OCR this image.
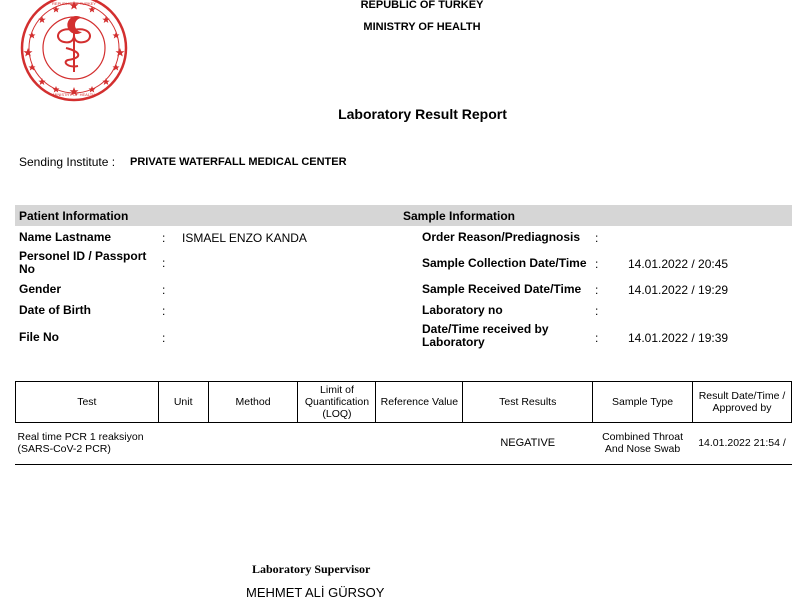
MINISTRY OF HEALTH
REPUBLIC OF TURKEY	REPUBLIC OF TURKEY
MINISTRY OF HEALTH
Laboratory Result Report
Sending Institute : PRIVATE WATERFALL MEDICAL CENTER
Patient Information	Sample Information
Name Lastname	: ISMAEL ENZO KANDA
Personel ID / Passport No	:
Gender	:
Date of Birth	:
File No	:
Order Reason/Prediagnosis :
Sample Collection Date/Time : 14.01.2022 / 20:45
Sample Received Date/Time : 14.01.2022 / 19:29
Laboratory no	:
Date/Time received by Laboratory	: 14.01.2022 / 19:39
Test	Unit	Method	Limit of Quantification (LOQ)	Reference Value	Test Results	Sample Type	Result Date/Time / Approved by
Real time PCR 1 reaksiyon (SARS-CoV-2 PCR)					NEGATIVE	Combined Throat And Nose Swab	14.01.2022 21:54 /
Laboratory Supervisor
MEHMET ALİ GÜRSOY
